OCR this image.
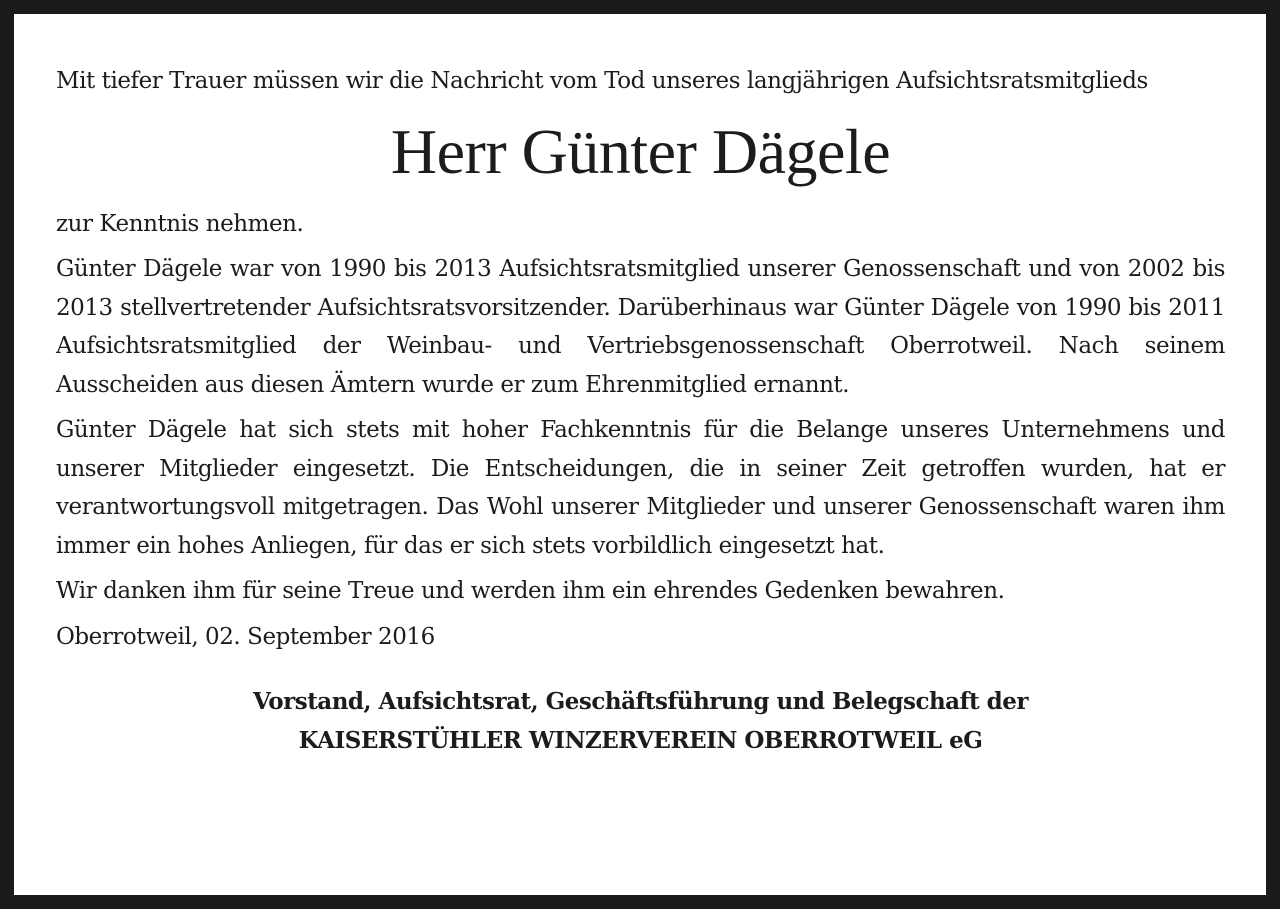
Mit tiefer Trauer müssen wir die Nachricht vom Tod unseres langjährigen Aufsichtsratsmitglieds

Herr Günter Dägele

zur Kenntnis nehmen.

Günter Dägele war von 1990 bis 2013 Aufsichtsratsmitglied unserer Genossenschaft und von 2002 bis 2013 stellvertretender Aufsichtsratsvorsitzender. Darüberhinaus war Günter Dägele von 1990 bis 2011 Aufsichtsratsmitglied der Weinbau- und Vertriebsgenossenschaft Oberrotweil. Nach seinem Ausscheiden aus diesen Ämtern wurde er zum Ehrenmitglied ernannt.

Günter Dägele hat sich stets mit hoher Fachkenntnis für die Belange unseres Unternehmens und unserer Mitglieder eingesetzt. Die Entscheidungen, die in seiner Zeit getroffen wurden, hat er verantwortungsvoll mitgetragen. Das Wohl unserer Mitglieder und unserer Genossenschaft waren ihm immer ein hohes Anliegen, für das er sich stets vorbildlich eingesetzt hat.

Wir danken ihm für seine Treue und werden ihm ein ehrendes Gedenken bewahren.

Oberrotweil, 02. September 2016

Vorstand, Aufsichtsrat, Geschäftsführung und Belegschaft der
KAISERSTÜHLER WINZERVEREIN OBERROTWEIL eG
